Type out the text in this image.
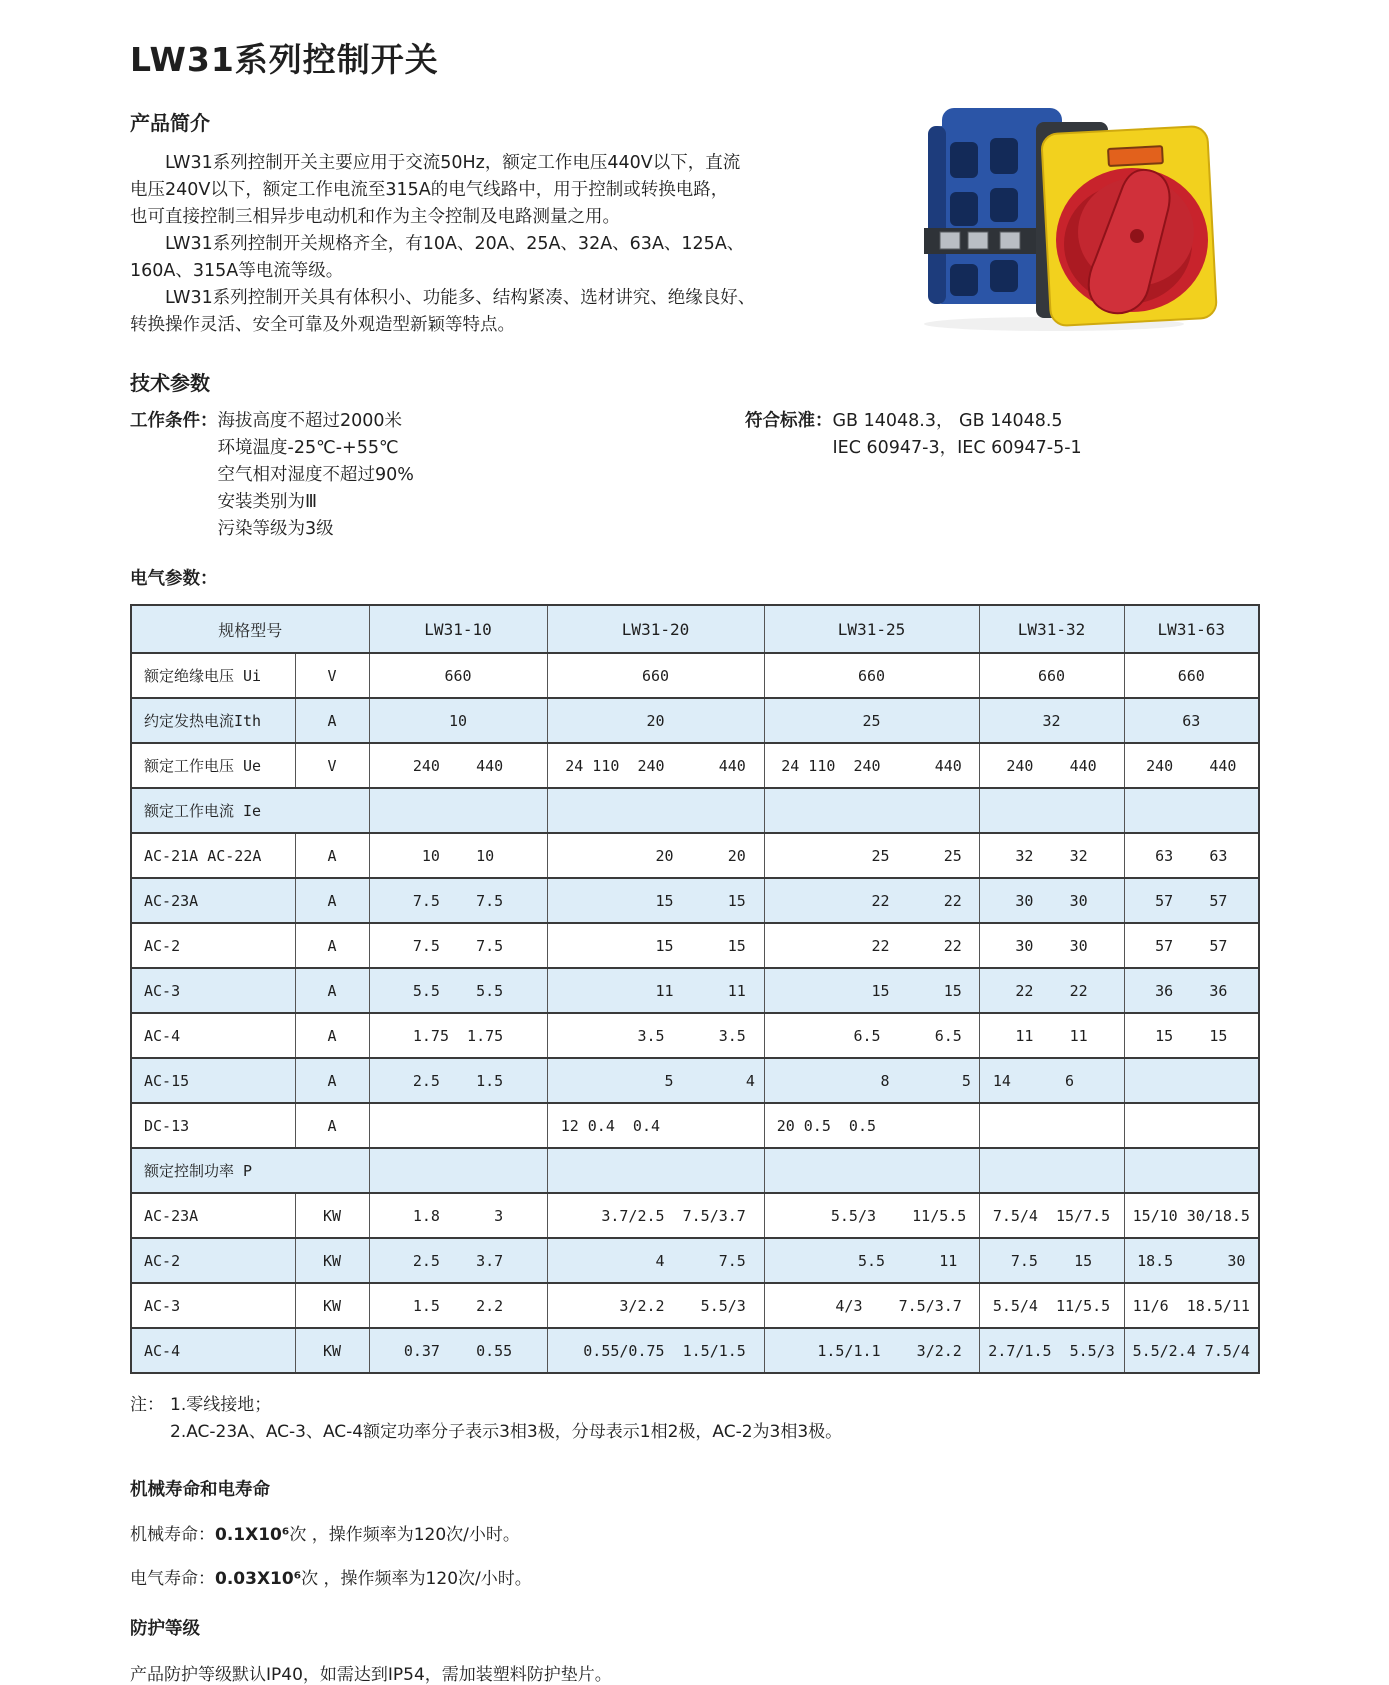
LW31系列控制开关
产品简介
　　LW31系列控制开关主要应用于交流50Hz，额定工作电压440V以下，直流
电压240V以下，额定工作电流至315A的电气线路中，用于控制或转换电路，
也可直接控制三相异步电动机和作为主令控制及电路测量之用。
　　LW31系列控制开关规格齐全，有10A、20A、25A、32A、63A、125A、
160A、315A等电流等级。
　　LW31系列控制开关具有体积小、功能多、结构紧凑、选材讲究、绝缘良好、
转换操作灵活、安全可靠及外观造型新颖等特点。
技术参数
工作条件： 海拔高度不超过2000米
环境温度-25℃-+55℃
空气相对湿度不超过90%
安装类别为Ⅲ
污染等级为3级
符合标准： GB 14048.3， GB 14048.5
IEC 60947-3，IEC 60947-5-1
电气参数：
规格型号		LW31-10	LW31-20	LW31-25	LW31-32	LW31-63
额定绝缘电压 Ui	V	660	660	660	660	660
约定发热电流Ith	A	10	20	25	32	63
额定工作电压 Ue	V	240    440	24 110  240      440	24 110  240      440	240    440	240    440
额定工作电流 Ie						
AC-21A AC-22A	A	10    10	20      20	25      25	32    32	63    63
AC-23A	A	7.5    7.5	15      15	22      22	30    30	57    57
AC-2	A	7.5    7.5	15      15	22      22	30    30	57    57
AC-3	A	5.5    5.5	11      11	15      15	22    22	36    36
AC-4	A	1.75  1.75	3.5      3.5	6.5      6.5	11    11	15    15
AC-15	A	2.5    1.5	5        4	8        5	14      6	
DC-13	A		12 0.4  0.4	20 0.5  0.5		
额定控制功率 P						
AC-23A	KW	1.8      3	3.7/2.5  7.5/3.7	5.5/3    11/5.5	7.5/4  15/7.5	15/10 30/18.5
AC-2	KW	2.5    3.7	4      7.5	5.5      11	7.5    15	18.5      30
AC-3	KW	1.5    2.2	3/2.2    5.5/3	4/3    7.5/3.7	5.5/4  11/5.5	11/6  18.5/11
AC-4	KW	0.37    0.55	0.55/0.75  1.5/1.5	1.5/1.1    3/2.2	2.7/1.5  5.5/3	5.5/2.4 7.5/4
注： 1.零线接地；
2.AC-23A、AC-3、AC-4额定功率分子表示3相3极，分母表示1相2极，AC-2为3相3极。
机械寿命和电寿命
机械寿命：0.1X10⁶次 ，操作频率为120次/小时。
电气寿命：0.03X10⁶次 ，操作频率为120次/小时。
防护等级
产品防护等级默认IP40，如需达到IP54，需加装塑料防护垫片。
